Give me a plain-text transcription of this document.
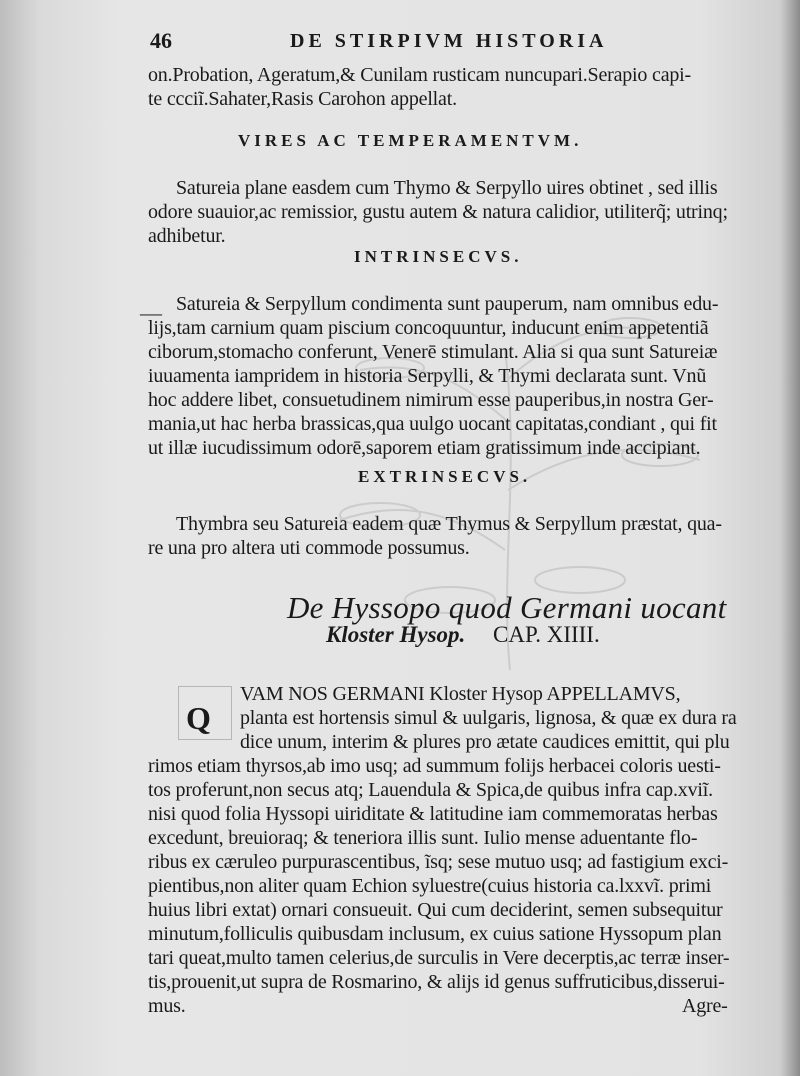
46	DE STIRPIVM HISTORIA
on.Probation, Ageratum,& Cunilam rusticam nuncupari.Serapio capi-
te ccciĩ.Sahater,Rasis Carohon appellat.
VIRES AC TEMPERAMENTVM.
Satureia plane easdem cum Thymo & Serpyllo uires obtinet , sed illis
odore suauior,ac remissior, gustu autem & natura calidior, utiliterq̃; utrinq;
adhibetur.
INTRINSECVS.
— Satureia & Serpyllum condimenta sunt pauperum, nam omnibus edu-
lijs,tam carnium quam piscium concoquuntur, inducunt enim appetentiã
ciborum,stomacho conferunt, Venerē stimulant. Alia si qua sunt Satureiæ
iuuamenta iampridem in historia Serpylli, & Thymi declarata sunt. Vnũ
hoc addere libet, consuetudinem nimirum esse pauperibus,in nostra Ger-
mania,ut hac herba brassicas,qua uulgo uocant capitatas,condiant , qui fit
ut illæ iucudissimum odorē,saporem etiam gratissimum inde accipiant.
EXTRINSECVS.
Thymbra seu Satureia eadem quæ Thymus & Serpyllum præstat, qua-
re una pro altera uti commode possumus.
De Hyssopo quod Germani uocant
Kloster Hysop. CAP. XIIII.
Q
VAM NOS GERMANI Kloster Hysop APPELLAMVS,
planta est hortensis simul & uulgaris, lignosa, & quæ ex dura ra
dice unum, interim & plures pro ætate caudices emittit, qui plu
rimos etiam thyrsos,ab imo usq; ad summum folijs herbacei coloris uesti-
tos proferunt,non secus atq; Lauendula & Spica,de quibus infra cap.xviĩ.
nisi quod folia Hyssopi uiriditate & latitudine iam commemoratas herbas
excedunt, breuioraq; & teneriora illis sunt. Iulio mense aduentante flo-
ribus ex cæruleo purpurascentibus, ĩsq; sese mutuo usq; ad fastigium exci-
pientibus,non aliter quam Echion syluestre(cuius historia ca.lxxvĩ. primi
huius libri extat) ornari consueuit. Qui cum deciderint, semen subsequitur
minutum,folliculis quibusdam inclusum, ex cuius satione Hyssopum plan
tari queat,multo tamen celerius,de surculis in Vere decerptis,ac terræ inser-
tis,prouenit,ut supra de Rosmarino, & alijs id genus suffruticibus,disserui-
mus.	Agre-
